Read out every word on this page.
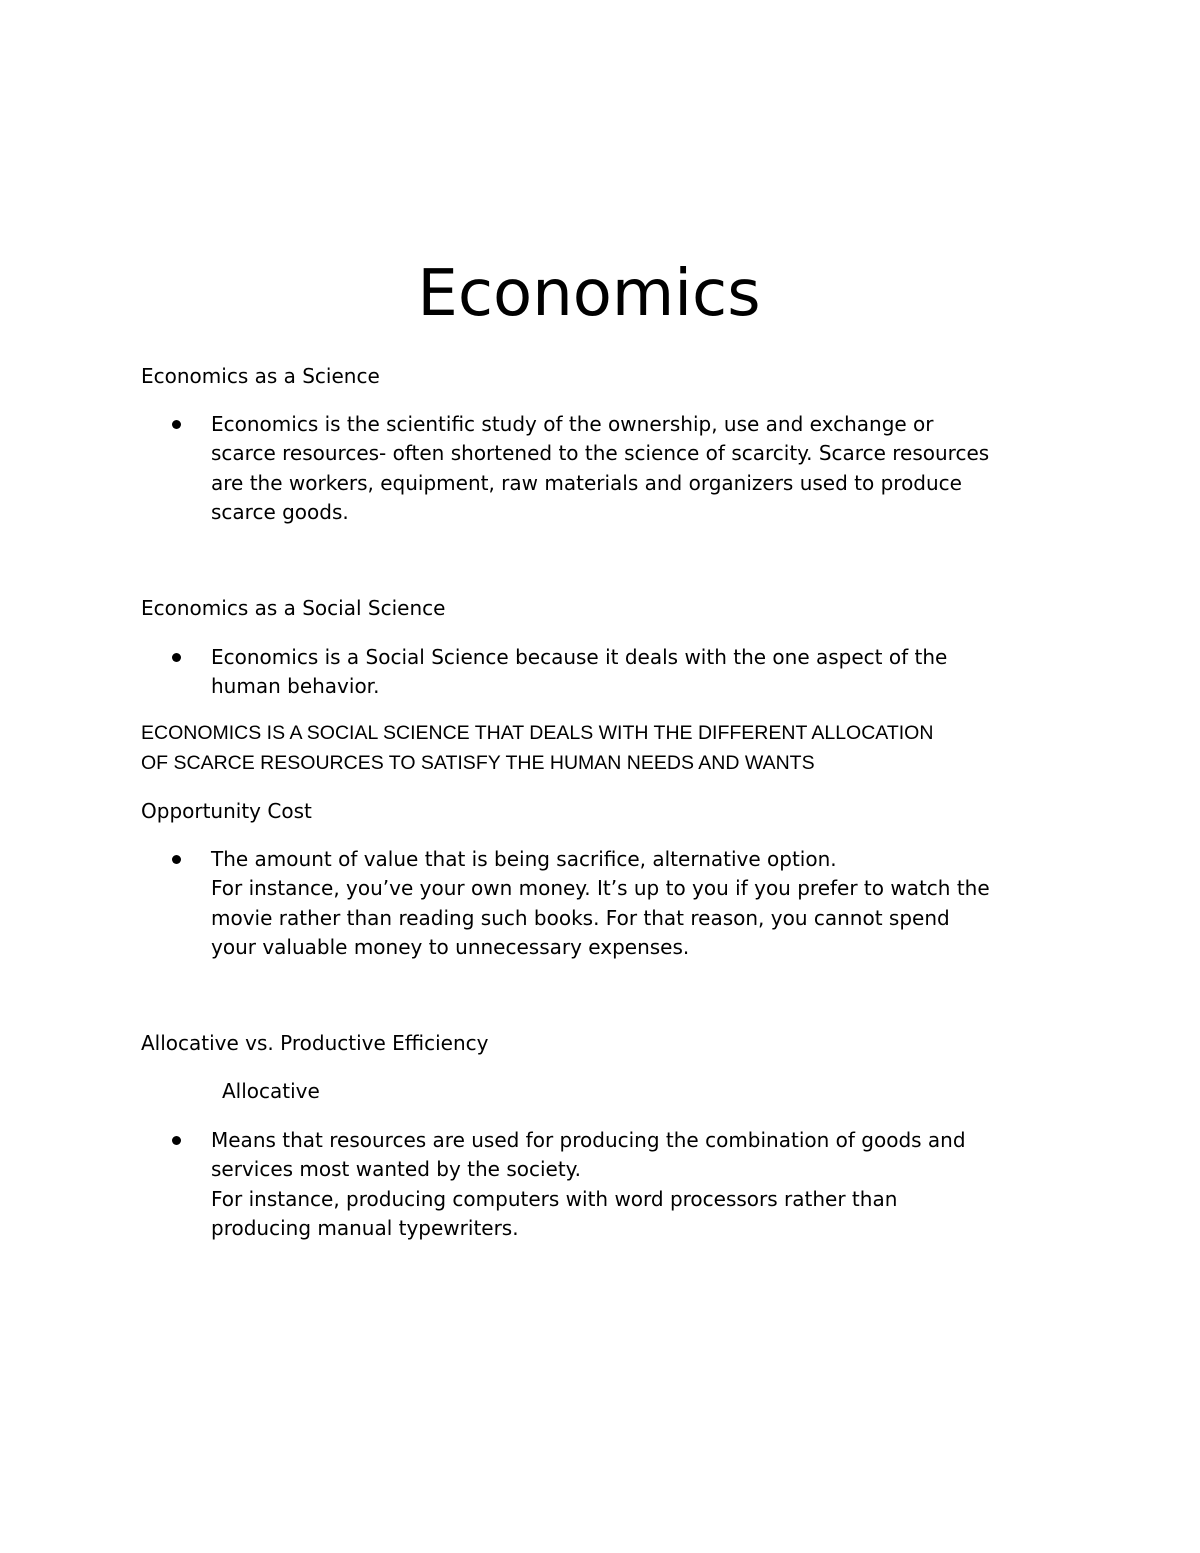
Economics
Economics as a Science
Economics is the scientific study of the ownership, use and exchange or
scarce resources- often shortened to the science of scarcity. Scarce resources
are the workers, equipment, raw materials and organizers used to produce
scarce goods.
Economics as a Social Science
Economics is a Social Science because it deals with the one aspect of the
human behavior.
ECONOMICS IS A SOCIAL SCIENCE THAT DEALS WITH THE DIFFERENT ALLOCATION
OF SCARCE RESOURCES TO SATISFY THE HUMAN NEEDS AND WANTS
Opportunity Cost
The amount of value that is being sacrifice, alternative option.
For instance, you’ve your own money. It’s up to you if you prefer to watch the
movie rather than reading such books. For that reason, you cannot spend
your valuable money to unnecessary expenses.
Allocative vs. Productive Efficiency
Allocative
Means that resources are used for producing the combination of goods and
services most wanted by the society.
For instance, producing computers with word processors rather than
producing manual typewriters.
